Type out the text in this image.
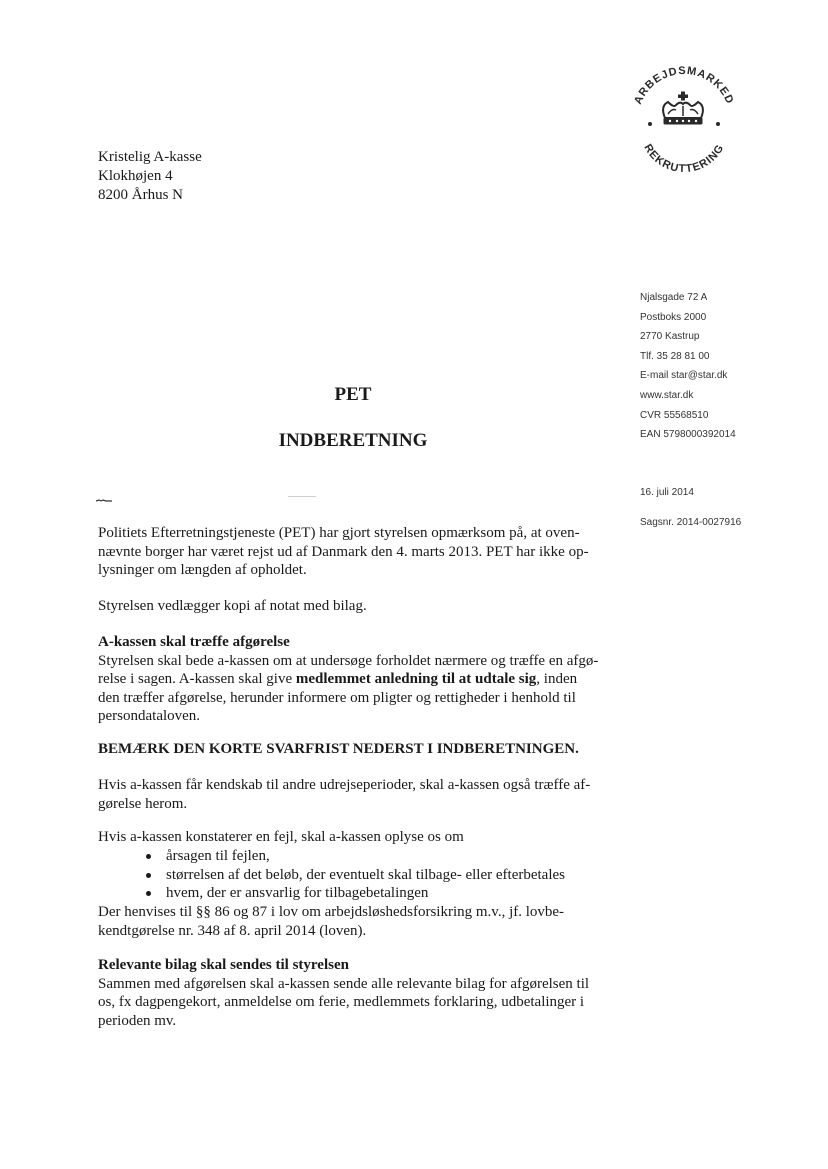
ARBEJDSMARKED
REKRUTTERING
Kristelig A-kasse
Klokhøjen 4
8200 Århus N
Njalsgade 72 A
Postboks 2000
2770 Kastrup
Tlf. 35 28 81 00
E-mail star@star.dk
www.star.dk
CVR 55568510
EAN 5798000392014
16. juli 2014
Sagsnr. 2014-0027916
PET
INDBERETNING

Politiets Efterretningstjeneste (PET) har gjort styrelsen opmærksom på, at oven-

nævnte borger har været rejst ud af Danmark den 4. marts 2013. PET har ikke op-

lysninger om længden af opholdet.

Styrelsen vedlægger kopi af notat med bilag.

A-kassen skal træffe afgørelse

Styrelsen skal bede a-kassen om at undersøge forholdet nærmere og træffe en afgø-

relse i sagen. A-kassen skal give medlemmet anledning til at udtale sig, inden

den træffer afgørelse, herunder informere om pligter og rettigheder i henhold til

persondataloven.

BEMÆRK DEN KORTE SVARFRIST NEDERST I INDBERETNINGEN.

Hvis a-kassen får kendskab til andre udrejseperioder, skal a-kassen også træffe af-

gørelse herom.

Hvis a-kassen konstaterer en fejl, skal a-kassen oplyse os om
årsagen til fejlen,
størrelsen af det beløb, der eventuelt skal tilbage- eller efterbetales
hvem, der er ansvarlig for tilbagebetalingen

Der henvises til §§ 86 og 87 i lov om arbejdsløshedsforsikring m.v., jf. lovbe-

kendtgørelse nr. 348 af 8. april 2014 (loven).

Relevante bilag skal sendes til styrelsen

Sammen med afgørelsen skal a-kassen sende alle relevante bilag for afgørelsen til

os, fx dagpengekort, anmeldelse om ferie, medlemmets forklaring, udbetalinger i

perioden mv.
